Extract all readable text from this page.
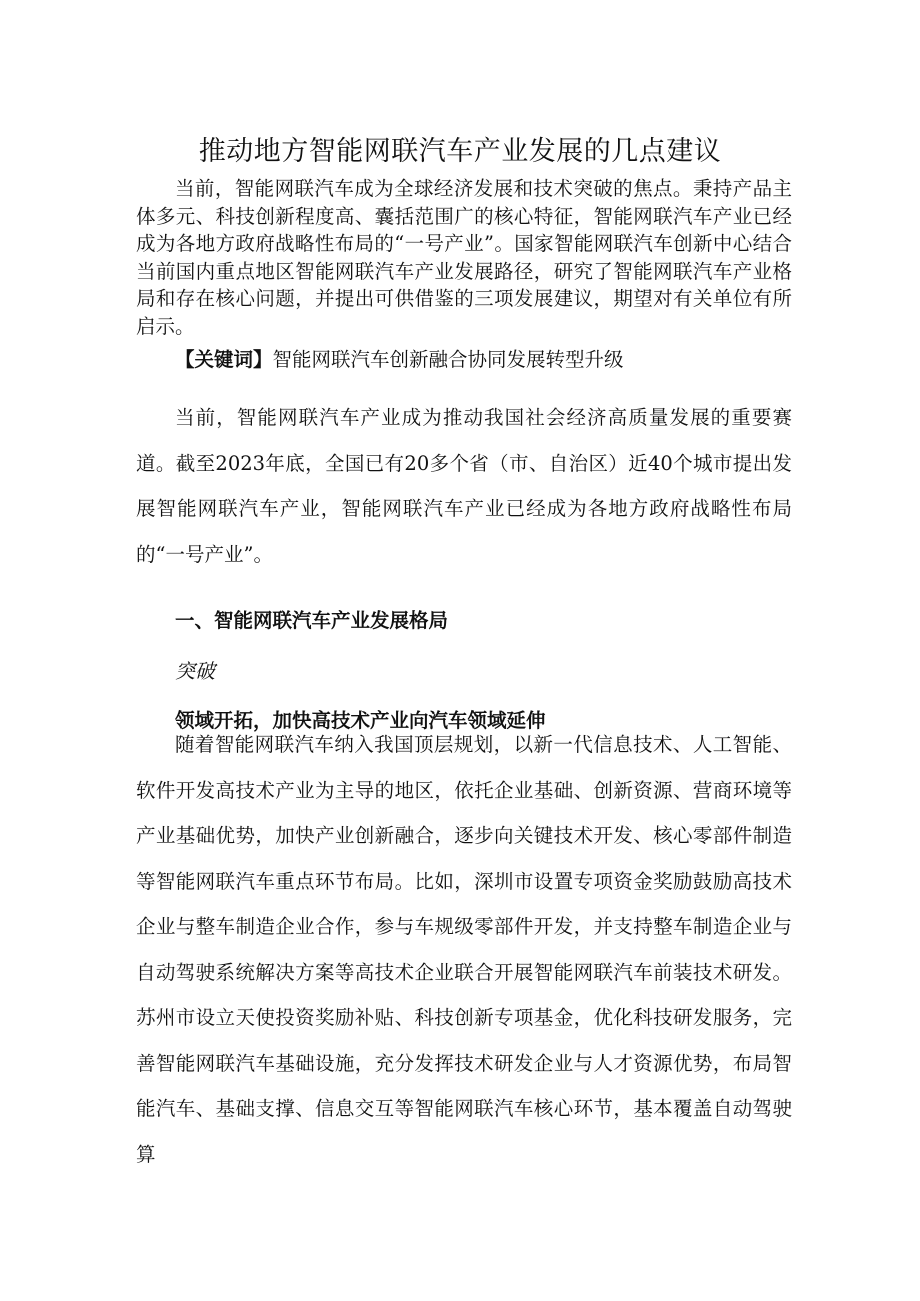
推动地方智能网联汽车产业发展的几点建议

当前，智能网联汽车成为全球经济发展和技术突破的焦点。秉持产品主体多元、科技创新程度高、囊括范围广的核心特征，智能网联汽车产业已经成为各地方政府战略性布局的“一号产业”。国家智能网联汽车创新中心结合当前国内重点地区智能网联汽车产业发展路径，研究了智能网联汽车产业格局和存在核心问题，并提出可供借鉴的三项发展建议，期望对有关单位有所启示。

【关键词】智能网联汽车创新融合协同发展转型升级

当前，智能网联汽车产业成为推动我国社会经济高质量发展的重要赛道。截至2023年底，全国已有20多个省（市、自治区）近40个城市提出发展智能网联汽车产业，智能网联汽车产业已经成为各地方政府战略性布局的“一号产业”。

一、智能网联汽车产业发展格局
突破
领域开拓，加快高技术产业向汽车领域延伸

随着智能网联汽车纳入我国顶层规划，以新一代信息技术、人工智能、软件开发高技术产业为主导的地区，依托企业基础、创新资源、营商环境等产业基础优势，加快产业创新融合，逐步向关键技术开发、核心零部件制造等智能网联汽车重点环节布局。比如，深圳市设置专项资金奖励鼓励高技术企业与整车制造企业合作，参与车规级零部件开发，并支持整车制造企业与自动驾驶系统解决方案等高技术企业联合开展智能网联汽车前装技术研发。苏州市设立天使投资奖励补贴、科技创新专项基金，优化科技研发服务，完善智能网联汽车基础设施，充分发挥技术研发企业与人才资源优势，布局智能汽车、基础支撑、信息交互等智能网联汽车核心环节，基本覆盖自动驾驶算
